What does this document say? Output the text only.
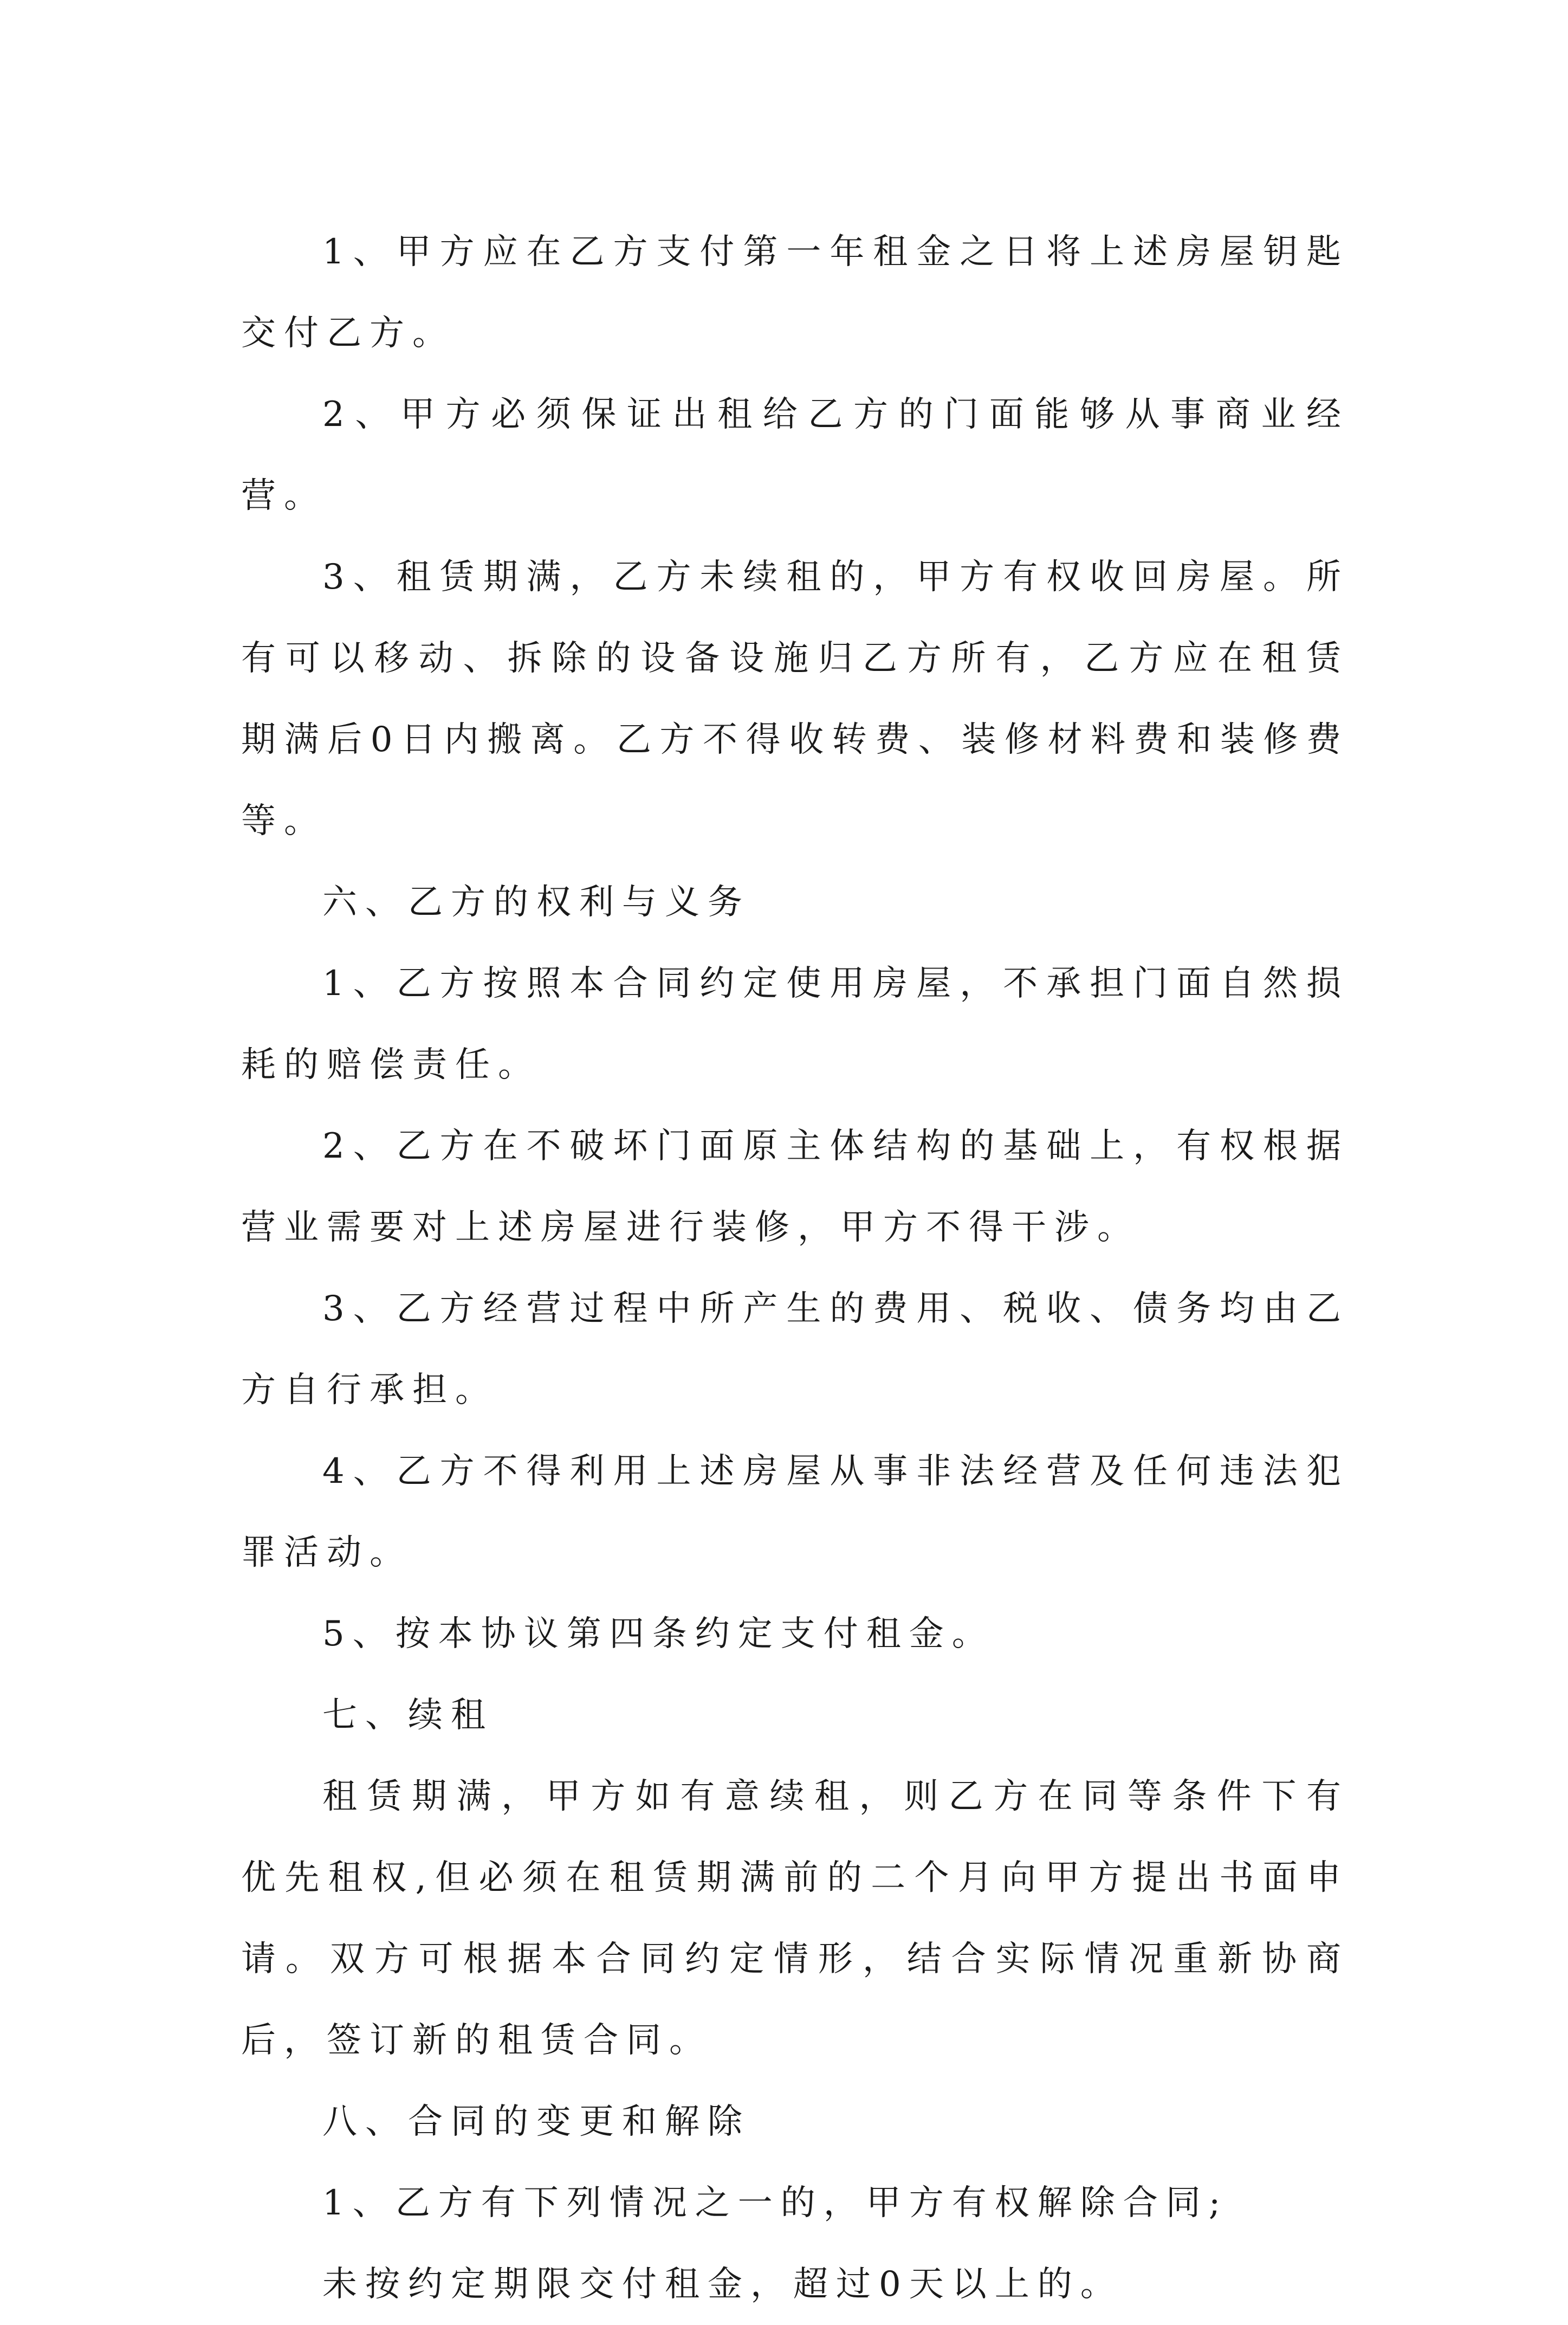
1、甲方应在乙方支付第一年租金之日将上述房屋钥匙交付乙方。

2、甲方必须保证出租给乙方的门面能够从事商业经营。

3、租赁期满，乙方未续租的，甲方有权收回房屋。所有可以移动、拆除的设备设施归乙方所有，乙方应在租赁期满后0日内搬离。乙方不得收转费、装修材料费和装修费等。

六、乙方的权利与义务

1、乙方按照本合同约定使用房屋，不承担门面自然损耗的赔偿责任。

2、乙方在不破坏门面原主体结构的基础上，有权根据营业需要对上述房屋进行装修，甲方不得干涉。

3、乙方经营过程中所产生的费用、税收、债务均由乙方自行承担。

4、乙方不得利用上述房屋从事非法经营及任何违法犯罪活动。

5、按本协议第四条约定支付租金。

七、续租

租赁期满，甲方如有意续租，则乙方在同等条件下有优先租权,但必须在租赁期满前的二个月向甲方提出书面申请。双方可根据本合同约定情形，结合实际情况重新协商后，签订新的租赁合同。

八、合同的变更和解除

1、乙方有下列情况之一的，甲方有权解除合同;

未按约定期限交付租金，超过0天以上的。
